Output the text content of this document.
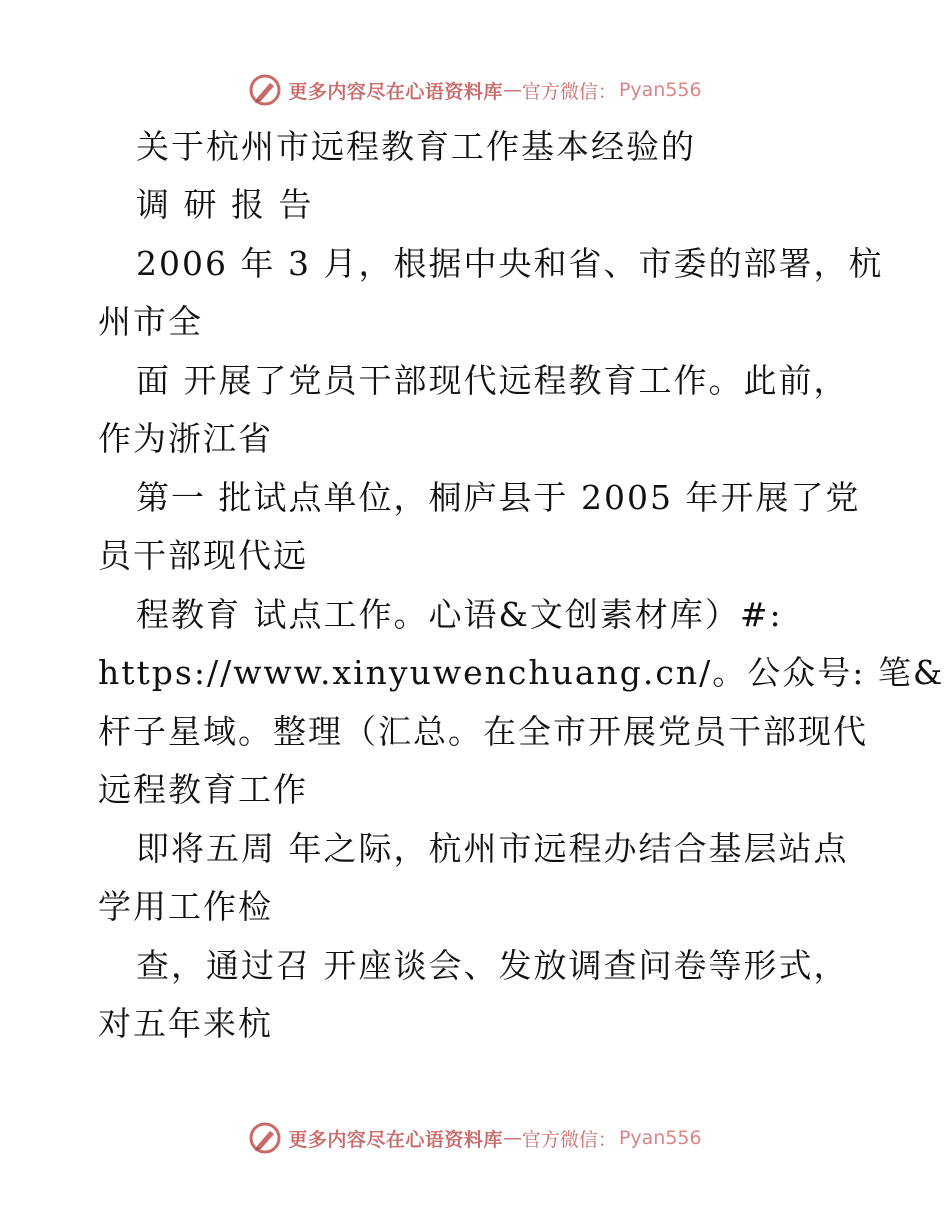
更多内容尽在心语资料库 — 官方微信： Pyan556
关于杭州市远程教育工作基本经验的
调 研 报 告
2006 年 3 月，根据中央和省、市委的部署，杭
州市全
面 开展了党员干部现代远程教育工作。此前，
作为浙江省
第一 批试点单位，桐庐县于 2005 年开展了党
员干部现代远
程教育 试点工作。心语&文创素材库）#:
https://www.xinyuwenchuang.cn/。公众号: 笔&
杆子星域。整理（汇总。在全市开展党员干部现代
远程教育工作
即将五周 年之际，杭州市远程办结合基层站点
学用工作检
查，通过召 开座谈会、发放调查问卷等形式，
对五年来杭
更多内容尽在心语资料库 — 官方微信： Pyan556
